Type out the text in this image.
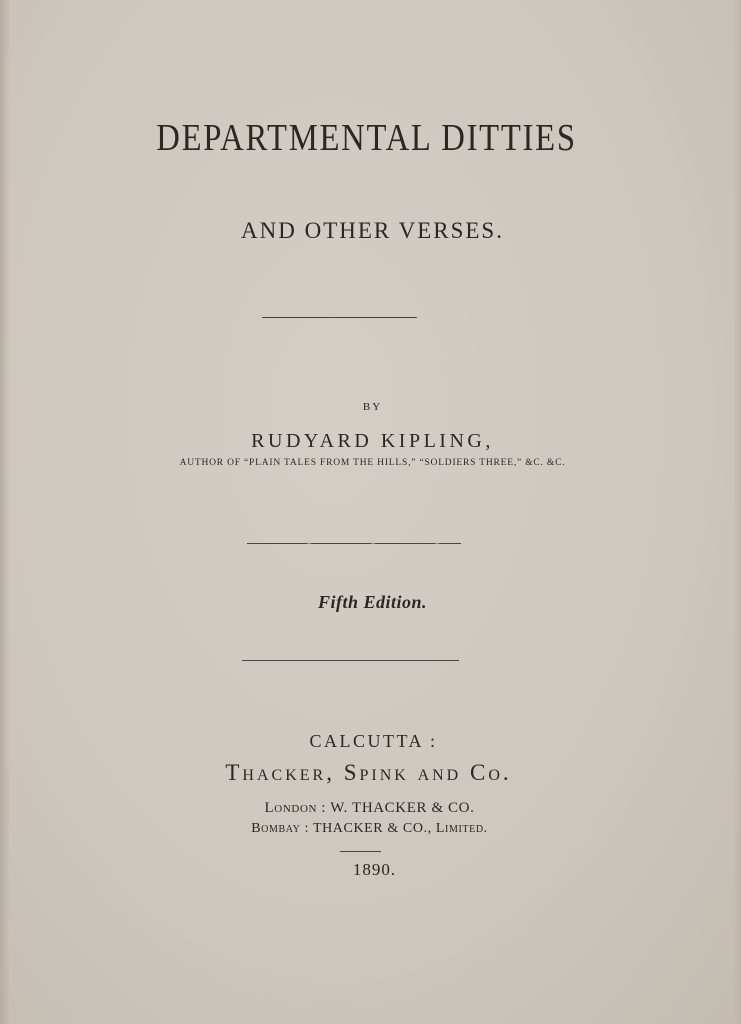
DEPARTMENTAL DITTIES
AND OTHER VERSES.
BY
RUDYARD KIPLING,
AUTHOR OF “PLAIN TALES FROM THE HILLS,” “SOLDIERS THREE,” &C. &C.
Fifth Edition.
CALCUTTA :
Thacker, Spink and Co.
London : W. THACKER & CO.
Bombay : THACKER & CO., Limited.
1890.
